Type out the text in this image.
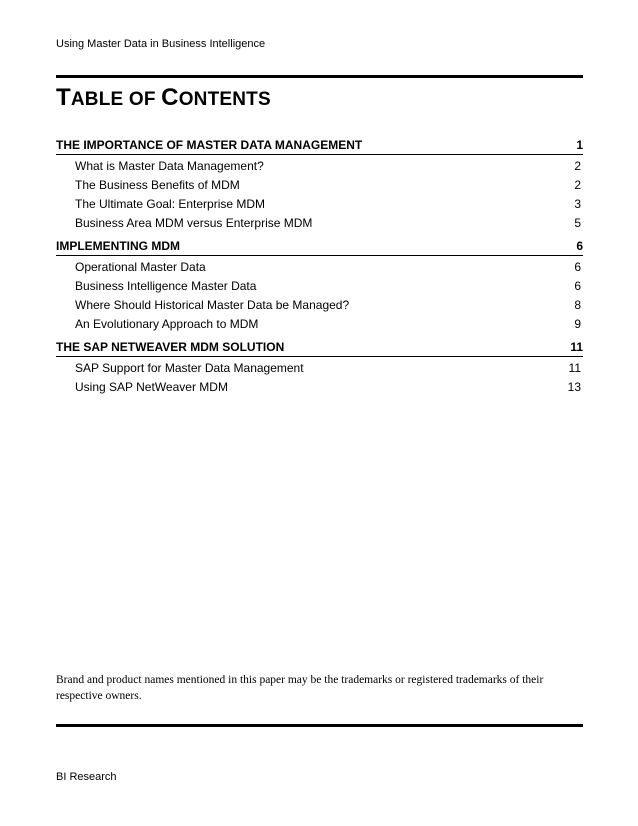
Using Master Data in Business Intelligence
TABLE OF CONTENTS
THE IMPORTANCE OF MASTER DATA MANAGEMENT	1
What is Master Data Management?	2
The Business Benefits of MDM	2
The Ultimate Goal: Enterprise MDM	3
Business Area MDM versus Enterprise MDM	5
IMPLEMENTING MDM	6
Operational Master Data	6
Business Intelligence Master Data	6
Where Should Historical Master Data be Managed?	8
An Evolutionary Approach to MDM	9
THE SAP NETWEAVER MDM SOLUTION	11
SAP Support for Master Data Management	11
Using SAP NetWeaver MDM	13
Brand and product names mentioned in this paper may be the trademarks or registered trademarks of their respective owners.
BI Research
